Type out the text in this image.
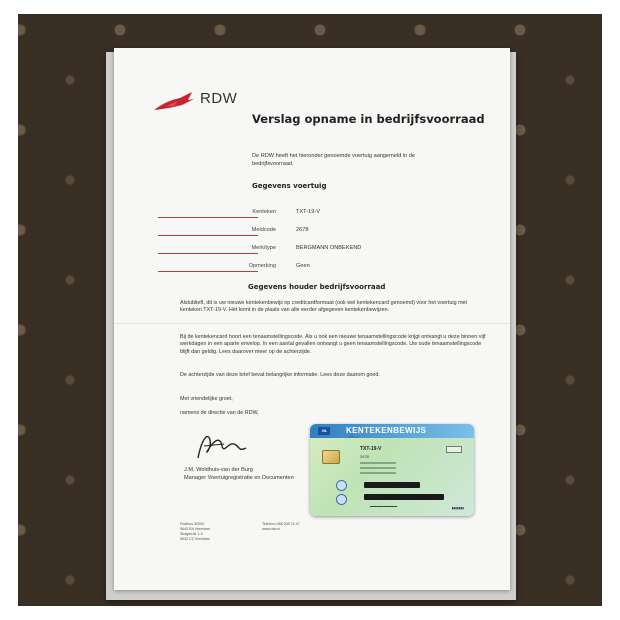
RDW
Verslag opname in bedrijfsvoorraad
De RDW heeft het hieronder genoemde voertuig aangemeld in de bedrijfsvoorraad.
Gegevens voertuig
Kenteken	TXT-19-V
Meldcode	2678
Merk/type	BERGMANN ONBEKEND
Opmerking	Geen
Gegevens houder bedrijfsvoorraad
Alstublieft, dit is uw nieuwe kentekenbewijs op creditcardformaat (ook wel kentekencard genoemd) voor het voertuig met kenteken TXT-19-V. Het komt in de plaats van alle eerder afgegeven kentekenbewijzen.
Bij de kentekencard hoort een tenaamstellingscode. Als u ook een nieuwe tenaamstellingscode krijgt ontvangt u deze binnen vijf werkdagen in een aparte envelop. In een aantal gevallen ontvangt u geen tenaamstellingscode. Uw oude tenaamstellingscode blijft dan geldig. Lees daarover meer op de achterzijde.
De achterzijde van deze brief bevat belangrijke informatie. Lees deze daarom goed.
Met vriendelijke groet,
namens de directie van de RDW,
J.M. Woldhuis-van der Burg
Manager Voertuigregistratie en Documenten
Postbus 30000
9640 RA Veendam
Skagerrak 1-5
9642 CZ Veendam
Telefoon 088 008 74 47
www.rdw.nl
NL KENTEKENBEWIJS
DEEL I
TXT-19-V
2678
▬▬▬▬▬▬▬▬	▮▮▮▮▮▮▮
